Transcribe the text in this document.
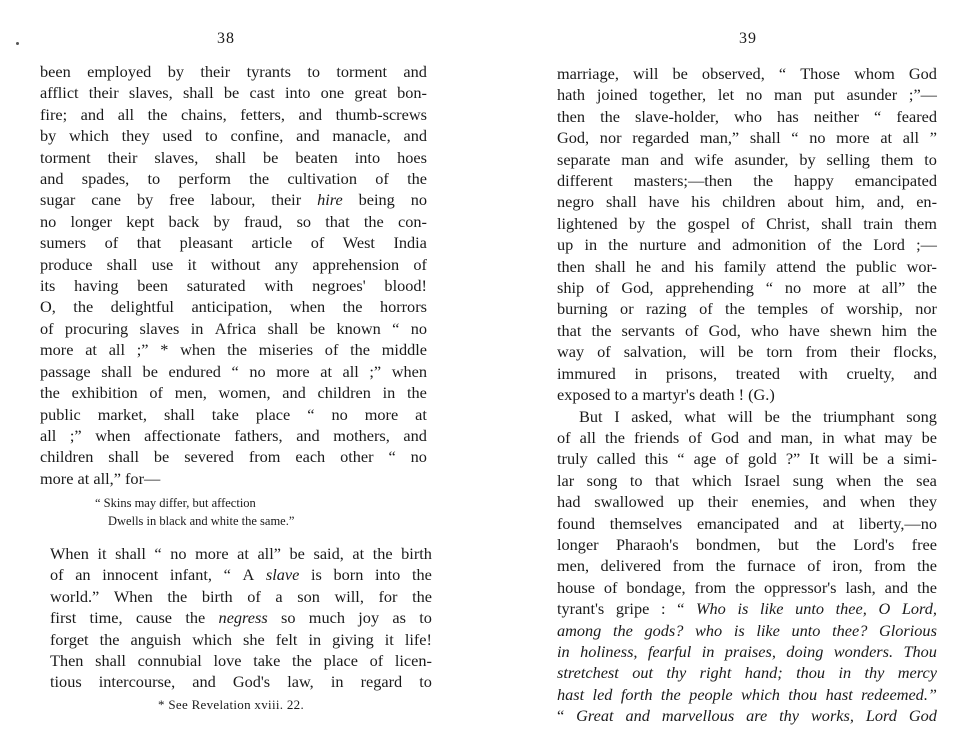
38
been employed by their tyrants to torment and
afflict their slaves, shall be cast into one great bon-
fire; and all the chains, fetters, and thumb-screws
by which they used to confine, and manacle, and
torment their slaves, shall be beaten into hoes
and spades, to perform the cultivation of the
sugar cane by free labour, their hire being no
no longer kept back by fraud, so that the con-
sumers of that pleasant article of West India
produce shall use it without any apprehension of
its having been saturated with negroes' blood!
O, the delightful anticipation, when the horrors
of procuring slaves in Africa shall be known “ no
more at all ;” * when the miseries of the middle
passage shall be endured “ no more at all ;” when
the exhibition of men, women, and children in the
public market, shall take place “ no more at
all ;” when affectionate fathers, and mothers, and
children shall be severed from each other “ no
more
at
all,”
for—
“ Skins may differ, but affection
Dwells in black and white the same.”
When it shall “ no more at all” be said, at the birth
of an innocent infant, “ A slave is born into the
world.” When the birth of a son will, for the
first time, cause the negress so much joy as to
forget the anguish which she felt in giving it life!
Then shall connubial love take the place of licen-
tious intercourse, and God's law, in regard to
* See Revelation xviii. 22.
39
marriage, will be observed, “ Those whom God
hath joined together, let no man put asunder ;”—
then the slave-holder, who has neither “ feared
God, nor regarded man,” shall “ no more at all ”
separate man and wife asunder, by selling them to
different masters;—then the happy emancipated
negro shall have his children about him, and, en-
lightened by the gospel of Christ, shall train them
up in the nurture and admonition of the Lord ;—
then shall he and his family attend the public wor-
ship of God, apprehending “ no more at all” the
burning or razing of the temples of worship, nor
that the servants of God, who have shewn him the
way of salvation, will be torn from their flocks,
immured in prisons, treated with cruelty, and
exposed
to
a
martyr's
death
!
(G.)
But I asked, what will be the triumphant song
of all the friends of God and man, in what may be
truly called this “ age of gold ?” It will be a simi-
lar song to that which Israel sung when the sea
had swallowed up their enemies, and when they
found themselves emancipated and at liberty,—no
longer Pharaoh's bondmen, but the Lord's free
men, delivered from the furnace of iron, from the
house of bondage, from the oppressor's lash, and the
tyrant's gripe : “ Who is like unto thee, O Lord,
among the gods? who is like unto thee? Glorious
in holiness, fearful in praises, doing wonders. Thou
stretchest out thy right hand; thou in thy mercy
hast led forth the people which thou hast redeemed.”
“ Great and marvellous are thy works, Lord God
